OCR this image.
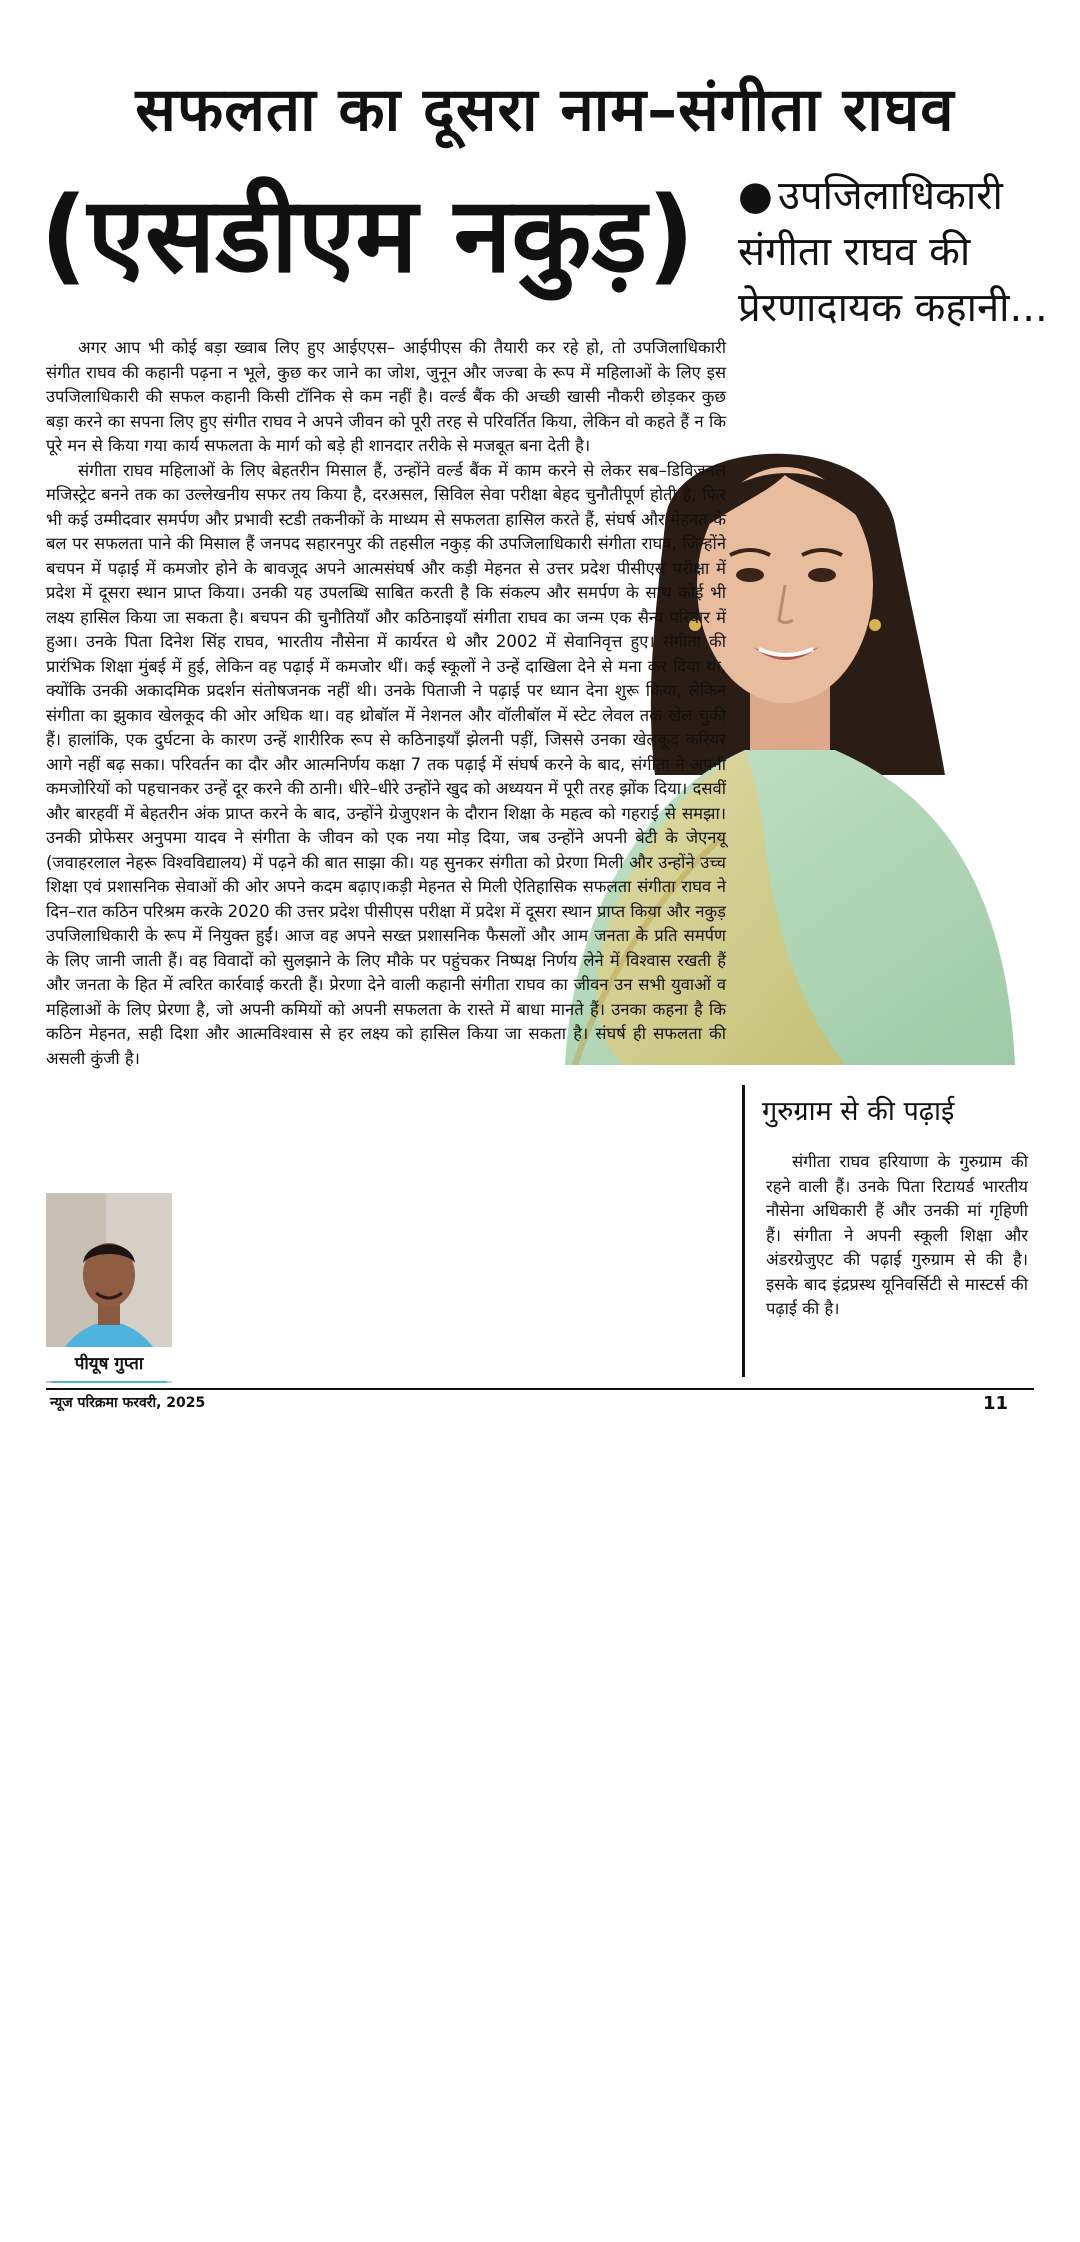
सफलता का दूसरा नाम–संगीता राघव
(एसडीएम नकुड़)	● उपजिलाधिकारी संगीता राघव की प्रेरणादायक कहानी...

अगर आप भी कोई बड़ा ख्वाब लिए हुए आईएएस– आईपीएस की तैयारी कर रहे हो, तो उपजिलाधिकारी संगीत राघव की कहानी पढ़ना न भूले, कुछ कर जाने का जोश, जुनून और जज्बा के रूप में महिलाओं के लिए इस उपजिलाधिकारी की सफल कहानी किसी टॉनिक से कम नहीं है। वर्ल्ड बैंक की अच्छी खासी नौकरी छोड़कर कुछ बड़ा करने का सपना लिए हुए संगीत राघव ने अपने जीवन को पूरी तरह से परिवर्तित किया, लेकिन वो कहते हैं न कि पूरे मन से किया गया कार्य सफलता के मार्ग को बड़े ही शानदार तरीके से मजबूत बना देती है।

संगीता राघव महिलाओं के लिए बेहतरीन मिसाल हैं, उन्होंने वर्ल्ड बैंक में काम करने से लेकर सब–डिविजनल मजिस्ट्रेट बनने तक का उल्लेखनीय सफर तय किया है, दरअसल, सिविल सेवा परीक्षा बेहद चुनौतीपूर्ण होती है, फिर भी कई उम्मीदवार समर्पण और प्रभावी स्टडी तकनीकों के माध्यम से सफलता हासिल करते हैं, संघर्ष और मेहनत के बल पर सफलता पाने की मिसाल हैं जनपद सहारनपुर की तहसील नकुड़ की उपजिलाधिकारी संगीता राघव, जिन्होंने बचपन में पढ़ाई में कमजोर होने के बावजूद अपने आत्मसंघर्ष और कड़ी मेहनत से उत्तर प्रदेश पीसीएस परीक्षा में प्रदेश में दूसरा स्थान प्राप्त किया। उनकी यह उपलब्धि साबित करती है कि संकल्प और समर्पण के साथ कोई भी लक्ष्य हासिल किया जा सकता है। बचपन की चुनौतियाँ और कठिनाइयाँ संगीता राघव का जन्म एक सैन्य परिवार में हुआ। उनके पिता दिनेश सिंह राघव, भारतीय नौसेना में कार्यरत थे और 2002 में सेवानिवृत्त हुए। संगीता की प्रारंभिक शिक्षा मुंबई में हुई, लेकिन वह पढ़ाई में कमजोर थीं। कई स्कूलों ने उन्हें दाखिला देने से मना कर दिया था, क्योंकि उनकी अकादमिक प्रदर्शन संतोषजनक नहीं थी। उनके पिताजी ने पढ़ाई पर ध्यान देना शुरू किया, लेकिन संगीता का झुकाव खेलकूद की ओर अधिक था। वह थ्रोबॉल में नेशनल और वॉलीबॉल में स्टेट लेवल तक खेल चुकी हैं। हालांकि, एक दुर्घटना के कारण उन्हें शारीरिक रूप से कठिनाइयाँ झेलनी पड़ीं, जिससे उनका खेलकूद करियर आगे नहीं बढ़ सका। परिवर्तन का दौर और आत्मनिर्णय कक्षा 7 तक पढ़ाई में संघर्ष करने के बाद, संगीता ने अपनी कमजोरियों को पहचानकर उन्हें दूर करने की ठानी। धीरे–धीरे उन्होंने खुद को अध्ययन में पूरी तरह झोंक दिया। दसवीं और बारहवीं में बेहतरीन अंक प्राप्त करने के बाद, उन्होंने ग्रेजुएशन के दौरान शिक्षा के महत्व को गहराई से समझा। उनकी प्रोफेसर अनुपमा यादव ने संगीता के जीवन को एक नया मोड़ दिया, जब उन्होंने अपनी बेटी के जेएनयू (जवाहरलाल नेहरू विश्वविद्यालय) में पढ़ने की बात साझा की। यह सुनकर संगीता को प्रेरणा मिली और उन्होंने उच्च शिक्षा एवं प्रशासनिक सेवाओं की ओर अपने कदम बढ़ाए।कड़ी मेहनत से मिली ऐतिहासिक सफलता संगीता राघव ने दिन–रात कठिन परिश्रम करके 2020 की उत्तर प्रदेश पीसीएस परीक्षा में प्रदेश में दूसरा स्थान प्राप्त किया और नकुड़ उपजिलाधिकारी के रूप में नियुक्त हुईं। आज वह अपने सख्त प्रशासनिक फैसलों और आम जनता के प्रति समर्पण के लिए जानी जाती हैं। वह विवादों को सुलझाने के लिए मौके पर पहुंचकर निष्पक्ष निर्णय लेने में विश्वास रखती हैं और जनता के हित में त्वरित कार्रवाई करती हैं। प्रेरणा देने वाली कहानी संगीता राघव का जीवन उन सभी युवाओं व महिलाओं के लिए प्रेरणा है, जो अपनी कमियों को अपनी सफलता के रास्ते में बाधा मानते हैं। उनका कहना है कि कठिन मेहनत, सही दिशा और आत्मविश्वास से हर लक्ष्य को हासिल किया जा सकता है। संघर्ष ही सफलता की असली कुंजी है।

पीयूष गुप्ता
गुरुग्राम से की पढ़ाई

संगीता राघव हरियाणा के गुरुग्राम की रहने वाली हैं। उनके पिता रिटायर्ड भारतीय नौसेना अधिकारी हैं और उनकी मां गृहिणी हैं। संगीता ने अपनी स्कूली शिक्षा और अंडरग्रेजुएट की पढ़ाई गुरुग्राम से की है। इसके बाद इंद्रप्रस्थ यूनिवर्सिटी से मास्टर्स की पढ़ाई की है।

न्यूज परिक्रमा फरवरी, 2025	11
